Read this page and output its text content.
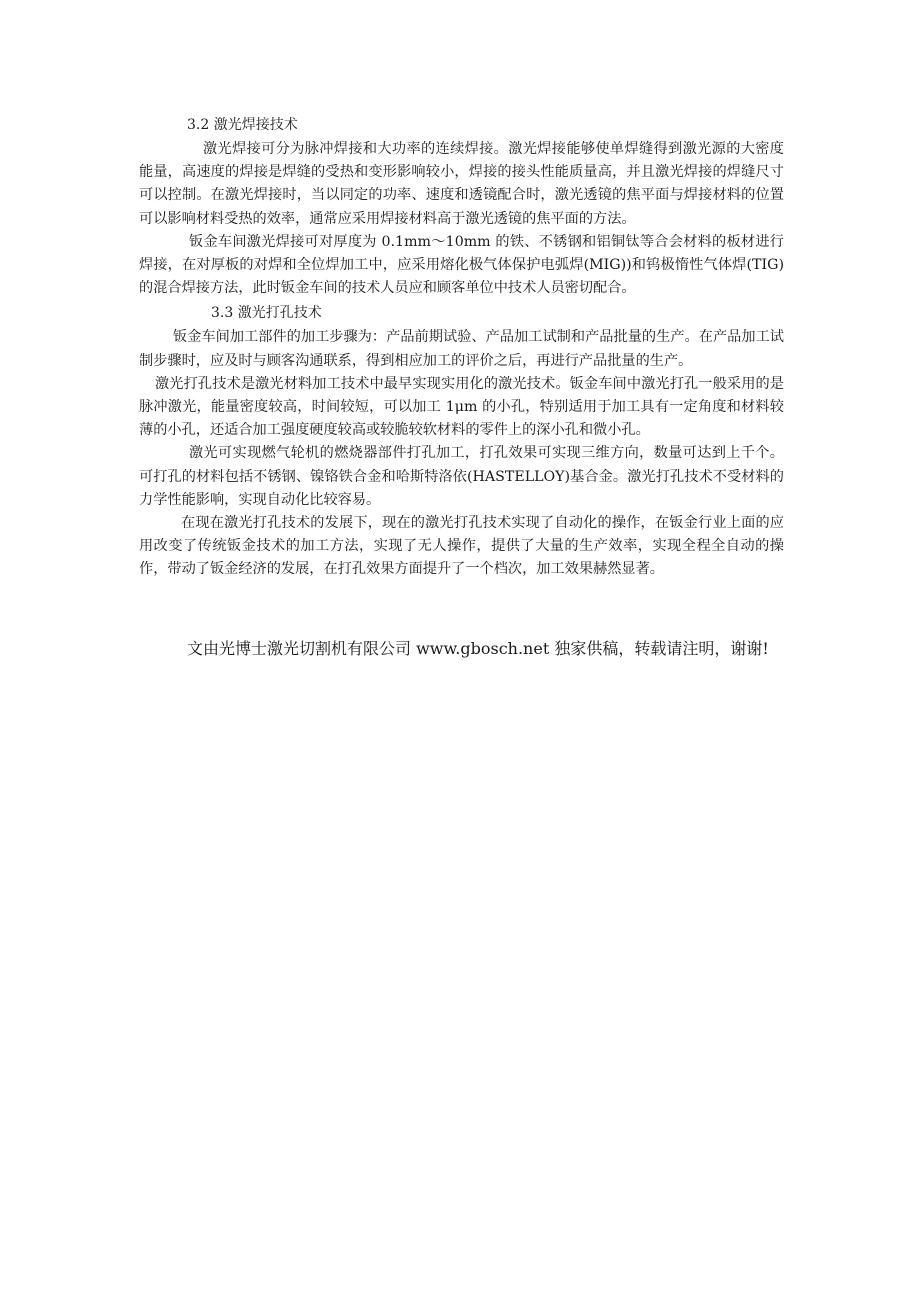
3.2 激光焊接技术

激光焊接可分为脉冲焊接和大功率的连续焊接。激光焊接能够使单焊缝得到激光源的大密度能量，高速度的焊接是焊缝的受热和变形影响较小，焊接的接头性能质量高，并且激光焊接的焊缝尺寸可以控制。在激光焊接时，当以同定的功率、速度和透镜配合时，激光透镜的焦平面与焊接材料的位置可以影响材料受热的效率，通常应采用焊接材料高于激光透镜的焦平面的方法。

钣金车间激光焊接可对厚度为 0.1mm～10mm 的铁、不锈钢和铝铜钛等合会材料的板材进行焊接，在对厚板的对焊和全位焊加工中，应采用熔化极气体保护电弧焊(MIG))和钨极惰性气体焊(TIG)的混合焊接方法，此时钣金车间的技术人员应和顾客单位中技术人员密切配合。

3.3 激光打孔技术

钣金车间加工部件的加工步骤为：产品前期试验、产品加工试制和产品批量的生产。在产品加工试制步骤时，应及时与顾客沟通联系，得到相应加工的评价之后，再进行产品批量的生产。

激光打孔技术是激光材料加工技术中最早实现实用化的激光技术。钣金车间中激光打孔一般采用的是脉冲激光，能量密度较高，时间较短，可以加工 1μm 的小孔，特别适用于加工具有一定角度和材料较薄的小孔，还适合加工强度硬度较高或较脆较软材料的零件上的深小孔和微小孔。

激光可实现燃气轮机的燃烧器部件打孔加工，打孔效果可实现三维方向，数量可达到上千个。可打孔的材料包括不锈钢、镍铬铁合金和哈斯特洛依(HASTELLOY)基合金。激光打孔技术不受材料的力学性能影响，实现自动化比较容易。

在现在激光打孔技术的发展下，现在的激光打孔技术实现了自动化的操作，在钣金行业上面的应用改变了传统钣金技术的加工方法，实现了无人操作，提供了大量的生产效率，实现全程全自动的操作，带动了钣金经济的发展，在打孔效果方面提升了一个档次，加工效果赫然显著。

文由光博士激光切割机有限公司 www.gbosch.net 独家供稿，转载请注明，谢谢!
